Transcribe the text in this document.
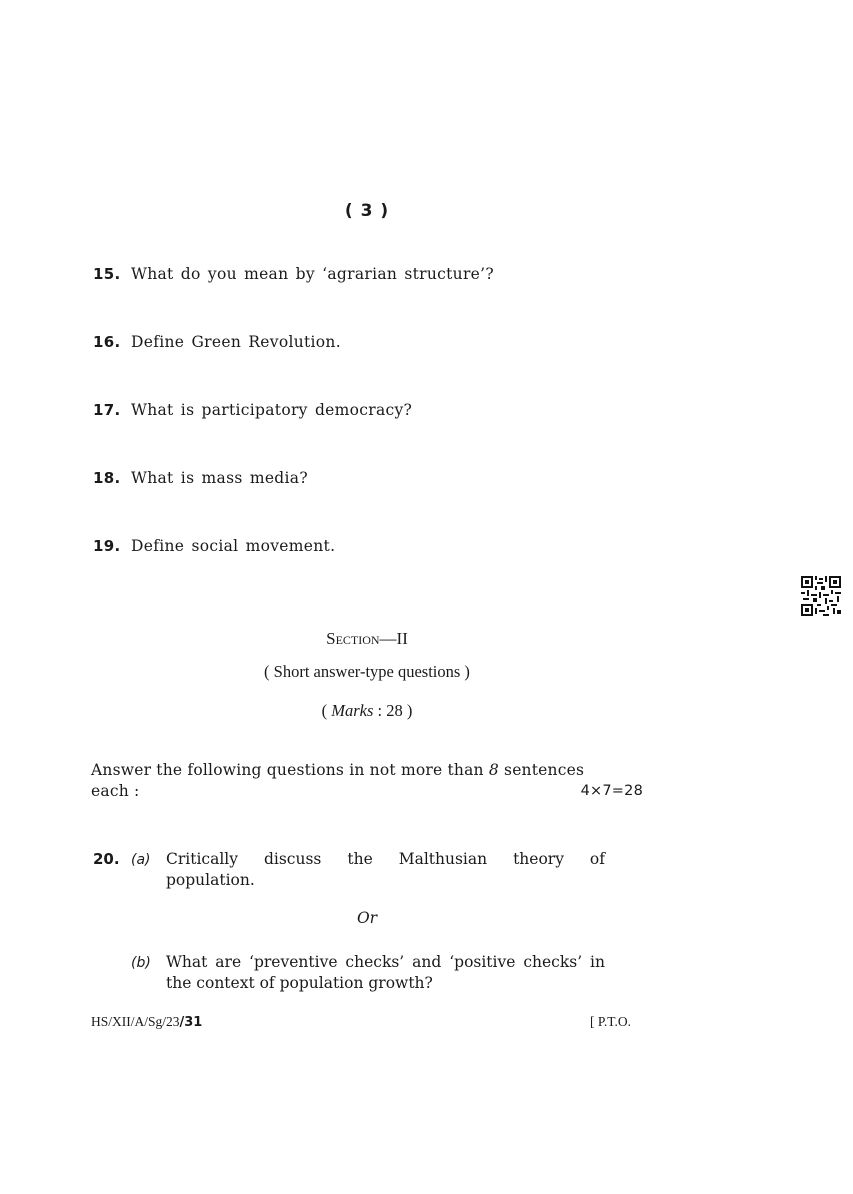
( 3 )
15. What do you mean by ‘agrarian structure’?
16. Define Green Revolution.
17. What is participatory democracy?
18. What is mass media?
19. Define social movement.
Section—II
( Short answer-type questions )
( Marks : 28 )
Answer the following questions in not more than 8 sentences
each :	4×7=28
20. (a) Critically discuss the Malthusian theory of
population.
Or
(b) What are ‘preventive checks’ and ‘positive checks’ in the context of population growth?
HS/XII/A/Sg/23/31	[ P.T.O.
